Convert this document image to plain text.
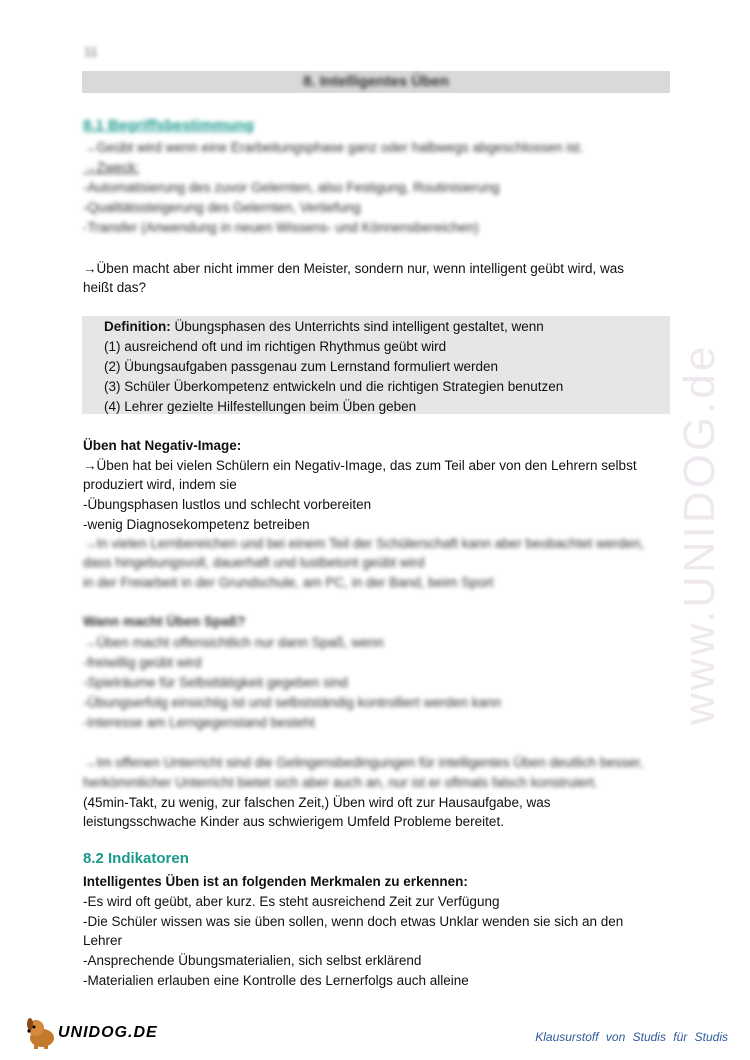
www.UNIDOG.de
11
8. Intelligentes Üben
8.1 Begriffsbestimmung
→Geübt wird wenn eine Erarbeitungsphase ganz oder halbwegs abgeschlossen ist.
→Zweck:
-Automatisierung des zuvor Gelernten, also Festigung, Routinisierung
-Qualitätssteigerung des Gelernten, Vertiefung
-Transfer (Anwendung in neuen Wissens- und Könnensbereichen)
→Üben macht aber nicht immer den Meister, sondern nur, wenn intelligent geübt wird, was
heißt das?
Definition: Übungsphasen des Unterrichts sind intelligent gestaltet, wenn
(1) ausreichend oft und im richtigen Rhythmus geübt wird
(2) Übungsaufgaben passgenau zum Lernstand formuliert werden
(3) Schüler Überkompetenz entwickeln und die richtigen Strategien benutzen
(4) Lehrer gezielte Hilfestellungen beim Üben geben
Üben hat Negativ-Image:
→Üben hat bei vielen Schülern ein Negativ-Image, das zum Teil aber von den Lehrern selbst
produziert wird, indem sie
-Übungsphasen lustlos und schlecht vorbereiten
-wenig Diagnosekompetenz betreiben
→In vielen Lernbereichen und bei einem Teil der Schülerschaft kann aber beobachtet werden,
dass hingebungsvoll, dauerhaft und lustbetont geübt wird
in der Freiarbeit in der Grundschule, am PC, in der Band, beim Sport
Wann macht Üben Spaß?
→Üben macht offensichtlich nur dann Spaß, wenn
-freiwillig geübt wird
-Spielräume für Selbsttätigkeit gegeben sind
-Übungserfolg einsichtig ist und selbstständig kontrolliert werden kann
-Interesse am Lerngegenstand besteht
→Im offenen Unterricht sind die Gelingensbedingungen für intelligentes Üben deutlich besser,
herkömmlicher Unterricht bietet sich aber auch an, nur ist er oftmals falsch konstruiert.
(45min-Takt, zu wenig, zur falschen Zeit,) Üben wird oft zur Hausaufgabe, was
leistungsschwache Kinder aus schwierigem Umfeld Probleme bereitet.
8.2 Indikatoren
Intelligentes Üben ist an folgenden Merkmalen zu erkennen:
-Es wird oft geübt, aber kurz. Es steht ausreichend Zeit zur Verfügung
-Die Schüler wissen was sie üben sollen, wenn doch etwas Unklar wenden sie sich an den
Lehrer
-Ansprechende Übungsmaterialien, sich selbst erklärend
-Materialien erlauben eine Kontrolle des Lernerfolgs auch alleine
UNIDOG.DE	Klausurstoff von Studis für Studis
